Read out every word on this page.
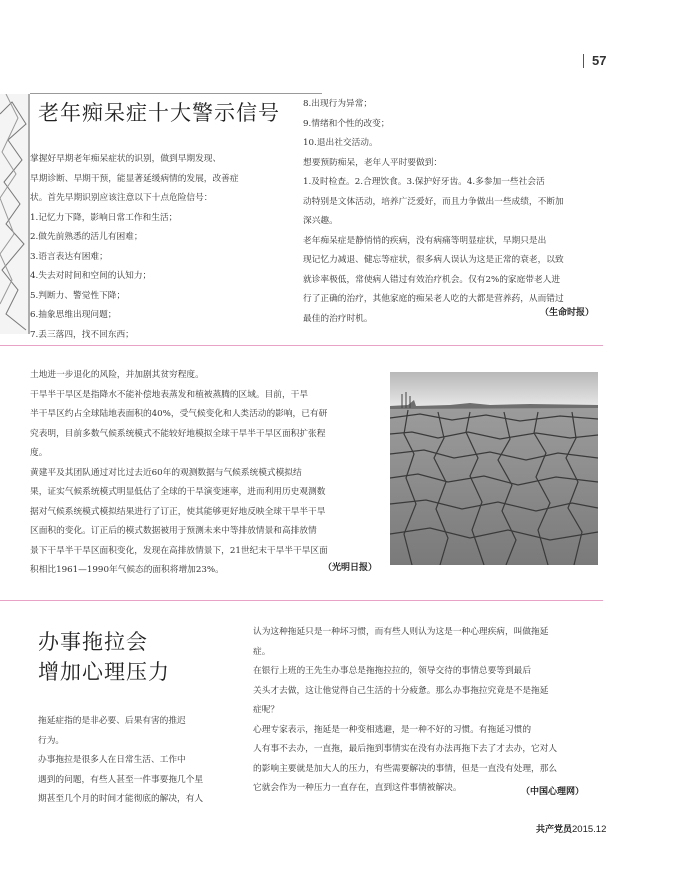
57
老年痴呆症十大警示信号
掌握好早期老年痴呆症状的识别，做到早期发现、
早期诊断、早期干预，能显著延缓病情的发展，改善症
状。首先早期识别应该注意以下十点危险信号：
1.记忆力下降，影响日常工作和生活；
2.做先前熟悉的活儿有困难；
3.语言表达有困难；
4.失去对时间和空间的认知力；
5.判断力、警觉性下降；
6.抽象思维出现问题；
7.丢三落四，找不回东西；
8.出现行为异常；
9.情绪和个性的改变；
10.退出社交活动。
想要预防痴呆，老年人平时要做到：
1.及时检查。2.合理饮食。3.保护好牙齿。4.多参加一些社会活
动特别是文体活动，培养广泛爱好，而且力争做出一些成绩，不断加
深兴趣。
老年痴呆症是静悄悄的疾病，没有病痛等明显症状，早期只是出
现记忆力减退、健忘等症状，很多病人误认为这是正常的衰老，以致
就诊率极低，常使病人错过有效治疗机会。仅有2%的家庭带老人进
行了正确的治疗，其他家庭的痴呆老人吃的大都是营养药，从而错过
最佳的治疗时机。
（生命时报）
土地进一步退化的风险，并加剧其贫穷程度。
干旱半干旱区是指降水不能补偿地表蒸发和植被蒸腾的区域。目前，干旱
半干旱区约占全球陆地表面积的40%，受气候变化和人类活动的影响，已有研
究表明，目前多数气候系统模式不能较好地模拟全球干旱半干旱区面积扩张程
度。
黄建平及其团队通过对比过去近60年的观测数据与气候系统模式模拟结
果，证实气候系统模式明显低估了全球的干旱演变速率，进而利用历史观测数
据对气候系统模式模拟结果进行了订正，使其能够更好地反映全球干旱半干旱
区面积的变化。订正后的模式数据被用于预测未来中等排放情景和高排放情
景下干旱半干旱区面积变化，发现在高排放情景下，21世纪末干旱半干旱区面
积相比1961—1990年气候态的面积将增加23%。	（光明日报）
办事拖拉会
增加心理压力
拖延症指的是非必要、后果有害的推迟
行为。
办事拖拉是很多人在日常生活、工作中
遇到的问题，有些人甚至一件事要拖几个星
期甚至几个月的时间才能彻底的解决，有人
认为这种拖延只是一种坏习惯，而有些人则认为这是一种心理疾病，叫做拖延
症。
在银行上班的王先生办事总是拖拖拉拉的，领导交待的事情总要等到最后
关头才去做，这让他觉得自己生活的十分疲惫。那么办事拖拉究竟是不是拖延
症呢？
心理专家表示，拖延是一种变相逃避，是一种不好的习惯。有拖延习惯的
人有事不去办，一直拖，最后拖到事情实在没有办法再拖下去了才去办，它对人
的影响主要就是加大人的压力，有些需要解决的事情，但是一直没有处理，那么
它就会作为一种压力一直存在，直到这件事情被解决。	（中国心理网）
共产党员2015.12
